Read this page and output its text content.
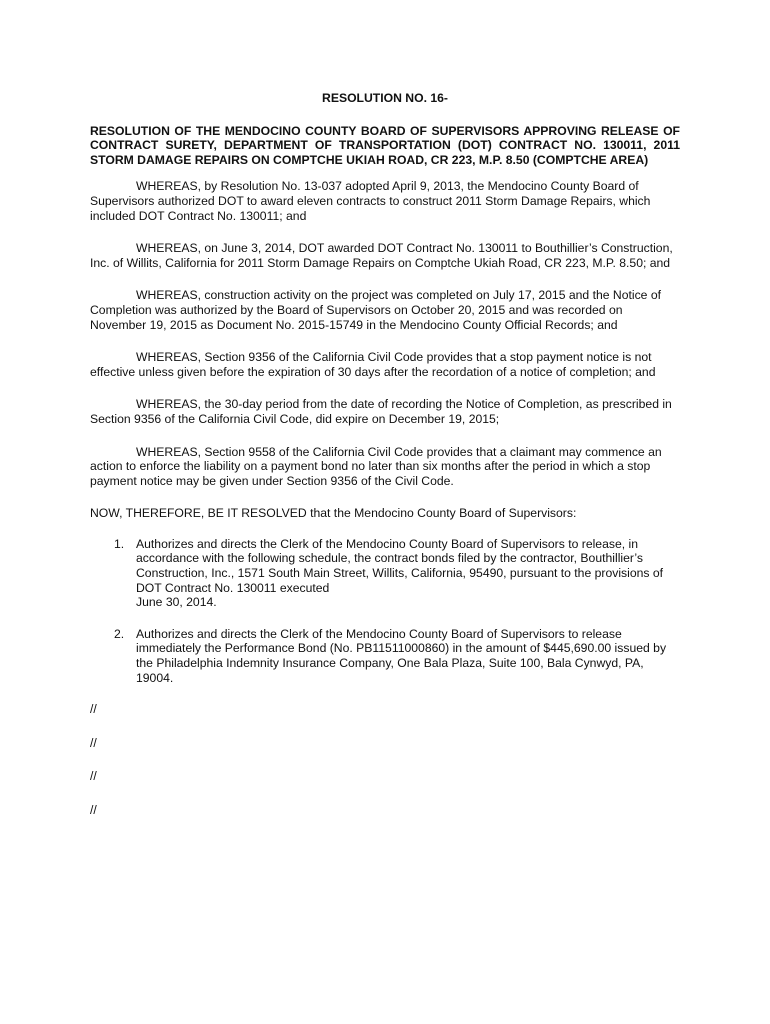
RESOLUTION NO. 16-

RESOLUTION OF THE MENDOCINO COUNTY BOARD OF SUPERVISORS APPROVING RELEASE OF CONTRACT SURETY, DEPARTMENT OF TRANSPORTATION (DOT) CONTRACT NO. 130011, 2011 STORM DAMAGE REPAIRS ON COMPTCHE UKIAH ROAD, CR 223, M.P. 8.50 (COMPTCHE AREA)

WHEREAS, by Resolution No. 13-037 adopted April 9, 2013, the Mendocino County Board of Supervisors authorized DOT to award eleven contracts to construct 2011 Storm Damage Repairs, which included DOT Contract No. 130011; and

WHEREAS, on June 3, 2014, DOT awarded DOT Contract No. 130011 to Bouthillier’s Construction, Inc. of Willits, California for 2011 Storm Damage Repairs on Comptche Ukiah Road, CR 223, M.P. 8.50; and

WHEREAS, construction activity on the project was completed on July 17, 2015 and the Notice of Completion was authorized by the Board of Supervisors on October 20, 2015 and was recorded on November 19, 2015 as Document No. 2015-15749 in the Mendocino County Official Records; and

WHEREAS, Section 9356 of the California Civil Code provides that a stop payment notice is not effective unless given before the expiration of 30 days after the recordation of a notice of completion; and

WHEREAS, the 30-day period from the date of recording the Notice of Completion, as prescribed in Section 9356 of the California Civil Code, did expire on December 19, 2015;

WHEREAS, Section 9558 of the California Civil Code provides that a claimant may commence an action to enforce the liability on a payment bond no later than six months after the period in which a stop payment notice may be given under Section 9356 of the Civil Code.

NOW, THEREFORE, BE IT RESOLVED that the Mendocino County Board of Supervisors:

1. Authorizes and directs the Clerk of the Mendocino County Board of Supervisors to release, in accordance with the following schedule, the contract bonds filed by the contractor, Bouthillier’s Construction, Inc., 1571 South Main Street, Willits, California, 95490, pursuant to the provisions of DOT Contract No. 130011 executed
June 30, 2014.
2. Authorizes and directs the Clerk of the Mendocino County Board of Supervisors to release immediately the Performance Bond (No. PB11511000860) in the amount of $445,690.00 issued by the Philadelphia Indemnity Insurance Company, One Bala Plaza, Suite 100, Bala Cynwyd, PA, 19004.

//

//

//

//
